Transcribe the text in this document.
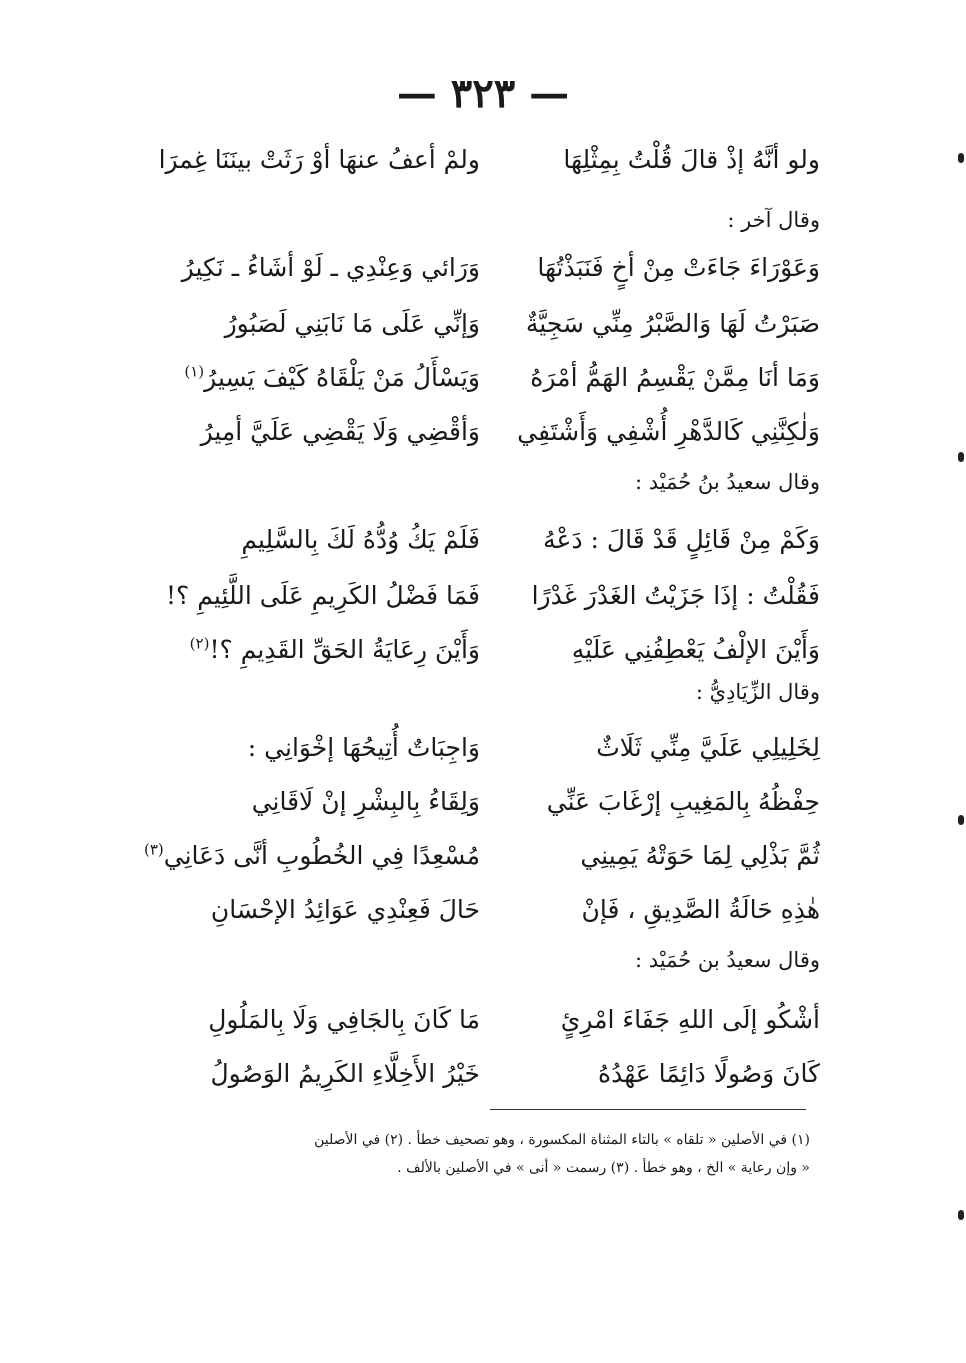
— ٣٢٣ —
ولو أنَّهُ إذْ قالَ قُلْتُ بِمِثْلِهَا
ولمْ أعفُ عنهَا أوْ رَثَتْ بينَنَا غِمرَا
وقال آخر :
وَعَوْرَاءَ جَاءَتْ مِنْ أخٍ فَنَبَذْتُهَا
وَرَائي وَعِنْدِي ـ لَوْ أشَاءُ ـ نَكِيرُ
صَبَرْتُ لَهَا وَالصَّبْرُ مِنِّي سَجِيَّةٌ
وَإنِّي عَلَى مَا نَابَنِي لَصَبُورُ
وَمَا أنَا مِمَّنْ يَقْسِمُ الهَمُّ أمْرَهُ
وَيَسْأَلُ مَنْ يَلْقَاهُ كَيْفَ يَسِيرُ$^{(١)}$
وَلٰكِنَّنِي كَالدَّهْرِ أُشْفِي وَأَشْتَفِي
وَأقْضِي وَلَا يَقْضِي عَلَيَّ أمِيرُ
وقال سعيدُ بنُ حُمَيْد :
وَكَمْ مِنْ قَائِلٍ قَدْ قَالَ : دَعْهُ
فَلَمْ يَكُ وُدُّهُ لَكَ بِالسَّلِيمِ
فَقُلْتُ : إذَا جَزَيْتُ الغَدْرَ غَدْرًا
فَمَا فَضْلُ الكَرِيمِ عَلَى اللَّئِيمِ ؟!
وَأَيْنَ الإلْفُ يَعْطِفُنِي عَلَيْهِ
وَأَيْنَ رِعَايَةُ الحَقِّ القَدِيمِ ؟!$^{(٢)}$
وقال الزِّيَادِيُّ :
لِخَلِيلِي عَلَيَّ مِنِّي ثَلَاثٌ
وَاجِبَاتٌ أُتِيحُهَا إخْوَانِي :
حِفْظُهُ بِالمَغِيبِ إرْغَابَ عَنِّي
وَلِقَاءُ بِالبِشْرِ إنْ لَاقَانِي
ثُمَّ بَذْلِي لِمَا حَوَتْهُ يَمِينِي
مُسْعِدًا فِي الخُطُوبِ أنَّى دَعَانِي$^{(٣)}$
هٰذِهِ حَالَةُ الصَّدِيقِ ، فَإنْ
حَالَ فَعِنْدِي عَوَائِدُ الإحْسَانِ
وقال سعيدُ بن حُمَيْد :
أشْكُو إلَى اللهِ جَفَاءَ امْرِئٍ
مَا كَانَ بِالجَافِي وَلَا بِالمَلُولِ
كَانَ وَصُولًا دَائِمًا عَهْدُهُ
خَيْرُ الأَخِلَّاءِ الكَرِيمُ الوَصُولُ
(١) في الأصلين « تلقاه » بالتاء المثناة المكسورة ، وهو تصحيف خطأ . (٢) في الأصلين
« وإن رعاية » الخ ، وهو خطأ . (٣) رسمت « أنى » في الأصلين بالألف .
